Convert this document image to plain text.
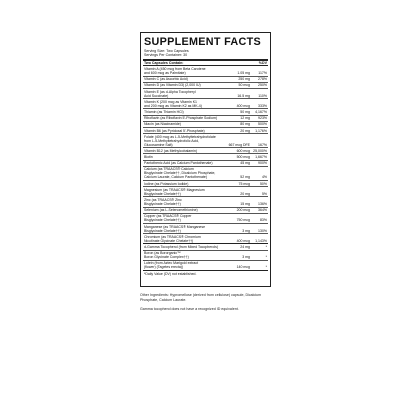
SUPPLEMENT FACTS
Serving Size: Two Capsules
Servings Per Container: 30
Two Capsules Contain:	%DV
Vitamin A (450 mcg from Beta Carotene
and 600 mcg as Palmitate)	1.05 mg	117%
Vitamin C (as Ascorbic Acid)	250 mg	278%
Vitamin D (as Vitamin D3) (2,000 IU)	50 mcg	250%
Vitamin E (as d-Alpha Tocopheryl
Acid Succinate)	16.5 mg	110%
Vitamin K (200 mcg as Vitamin K1
and 200 mcg as Vitamin K2 as MK-4)	400 mcg	333%
Thiamin (as Thiamin HCl)	50 mg	4,167%
Riboflavin (as Riboflavin 5'-Phosphate Sodium)	12 mg	923%
Niacin (as Niacinamide)	80 mg	500%
Vitamin B6 (as Pyridoxal 5'-Phosphate)	20 mg	1,176%
Folate (400 mcg as L-5-Methyltetrahydrofolate
from L-5-Methyltetrahydrofolic Acid,
Glucosamine Salt)	667 mcg DFE	167%
Vitamin B12 (as Methylcobalamin)	600 mcg 25,000%
Biotin	500 mcg	1,667%
Pantothenic Acid (as Calcium Pantothenate)	45 mg	900%
Calcium (as TRAACS® Calcium
Bisglycinate Chelate††, Dicalcium Phosphate,
Calcium Laurate, Calcium Pantothenate)	52 mg	4%
Iodine (as Potassium Iodide)	75 mcg	50%
Magnesium (as TRAACS® Magnesium
Bisglycinate Chelate††)	20 mg	5%
Zinc (as TRAACS® Zinc
Bisglycinate Chelate††)	15 mg	136%
Selenium (as L-Selenomethionine)	200 mcg	364%
Copper (as TRAACS® Copper
Bisglycinate Chelate††)	750 mcg	83%
Manganese (as TRAACS® Manganese
Bisglycinate Chelate††)	3 mg	130%
Chromium (as TRAACS® Chromium
Nicotinate Glycinate Chelate††)	400 mcg	1,143%
d-Gamma Tocopherol (from Mixed Tocopherols)	24 mg	*
Boron (as Bororganic™
Boron Glycinate Complex††)	3 mg	*
Lutein (from Aztec Marigold extract
(flower) (Tagetes erecta))	140 mcg	*
*Daily Value (DV) not established.
Other Ingredients: Hypromellose (derived from cellulose) capsule, Dicalcium Phosphate, Calcium Laurate.
Gamma tocopherol does not have a recognized ID equivalent.
